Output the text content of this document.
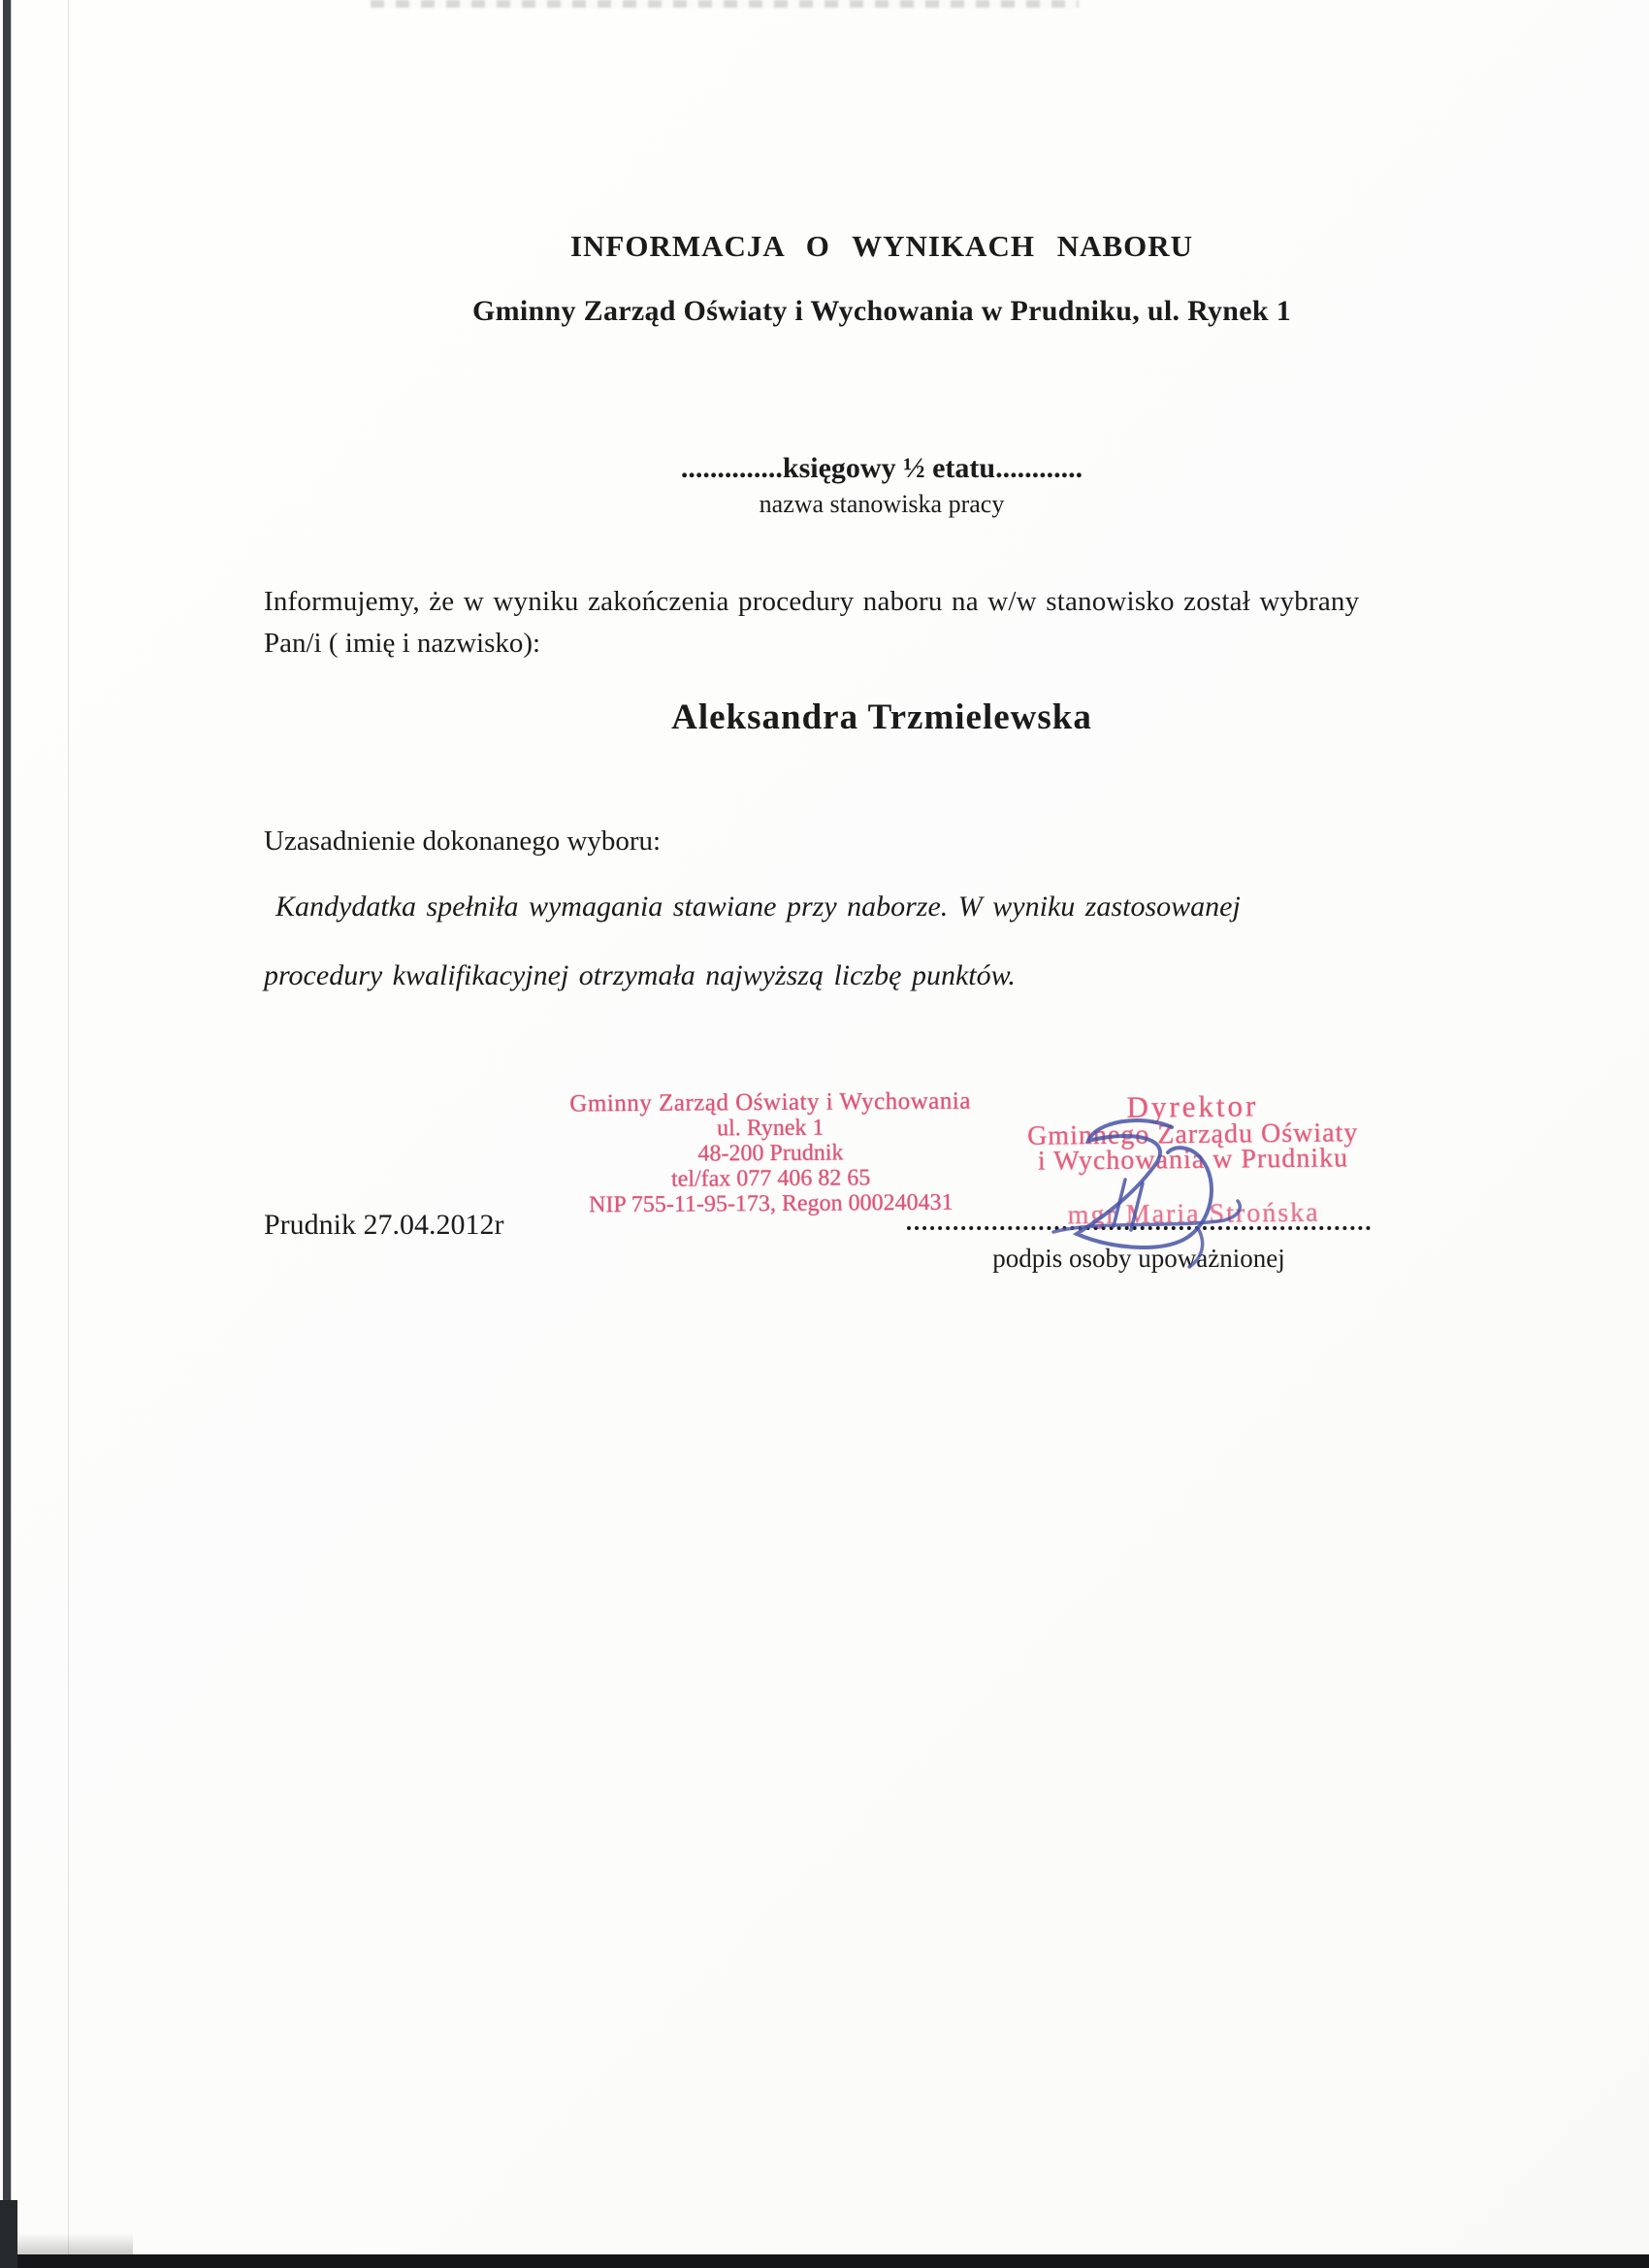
INFORMACJA O WYNIKACH NABORU
Gminny Zarząd Oświaty i Wychowania w Prudniku, ul. Rynek 1
..............księgowy ½ etatu............
nazwa stanowiska pracy
Informujemy, że w wyniku zakończenia procedury naboru na w/w stanowisko został wybrany
Pan/i ( imię i nazwisko):
Aleksandra Trzmielewska
Uzasadnienie dokonanego wyboru:
Kandydatka spełniła wymagania stawiane przy naborze. W wyniku zastosowanej
procedury kwalifikacyjnej otrzymała najwyższą liczbę punktów.
Gminny Zarząd Oświaty i Wychowania
ul. Rynek 1
48-200 Prudnik
tel/fax 077 406 82 65
NIP 755-11-95-173, Regon 000240431
Dyrektor
Gminnego Zarządu Oświaty
i Wychowania w Prudniku
mgr Maria Strońska
Prudnik 27.04.2012r
podpis osoby upoważnionej
